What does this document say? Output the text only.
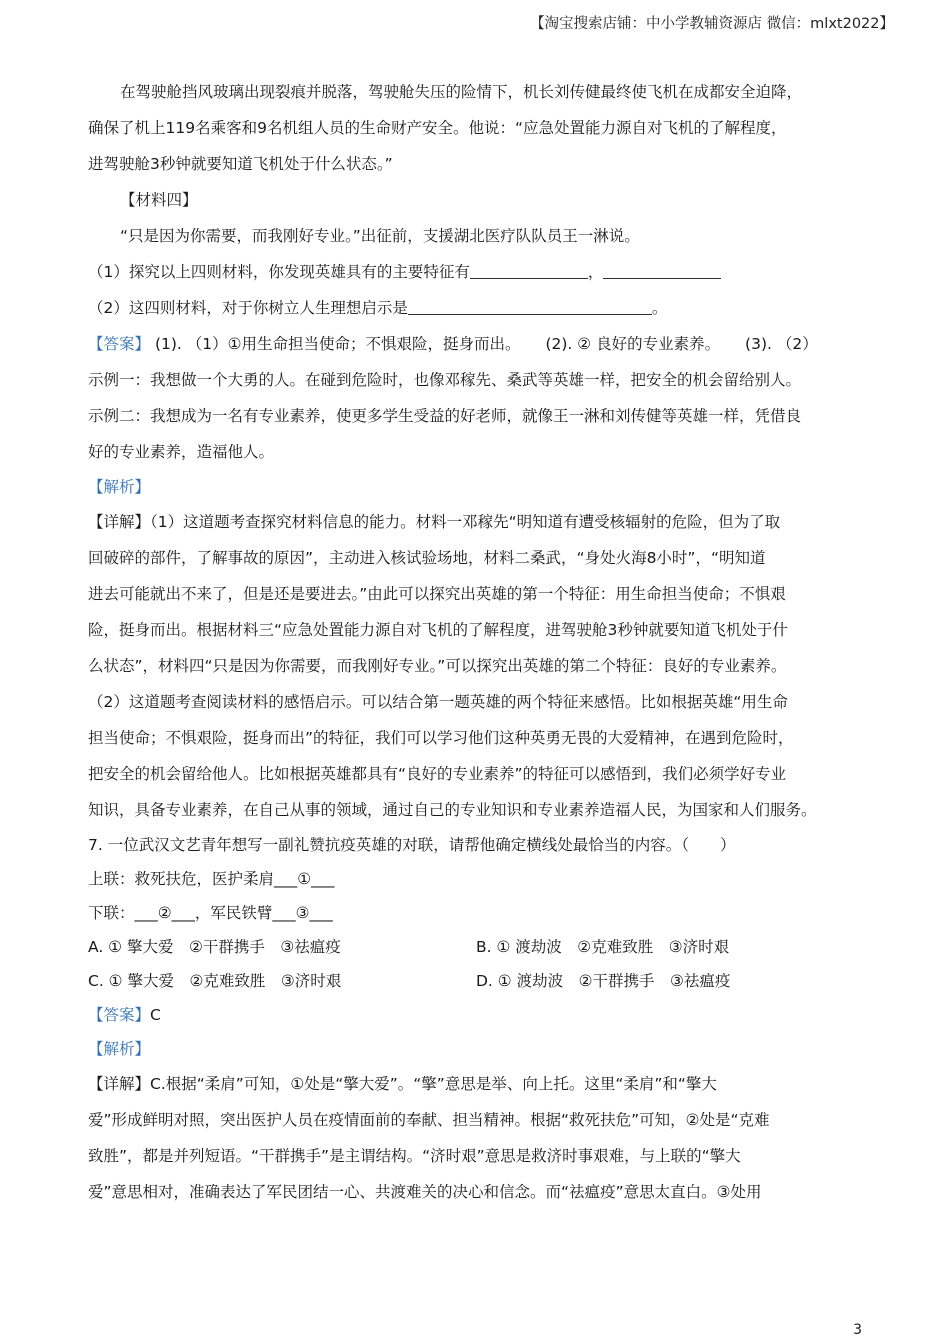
【淘宝搜索店铺：中小学教辅资源店 微信：mlxt2022】
在驾驶舱挡风玻璃出现裂痕并脱落，驾驶舱失压的险情下，机长刘传健最终使飞机在成都安全迫降，
确保了机上119名乘客和9名机组人员的生命财产安全。他说：“应急处置能力源自对飞机的了解程度，
进驾驶舱3秒钟就要知道飞机处于什么状态。”
【材料四】
“只是因为你需要，而我刚好专业。”出征前，支援湖北医疗队队员王一淋说。
（1）探究以上四则材料，你发现英雄具有的主要特征有	，
（2）这四则材料，对于你树立人生理想启示是	。
【答案】 (1). （1）①用生命担当使命；不惧艰险，挺身而出。 (2). ② 良好的专业素养。 (3). （2）
示例一：我想做一个大勇的人。在碰到危险时，也像邓稼先、桑武等英雄一样，把安全的机会留给别人。
示例二：我想成为一名有专业素养，使更多学生受益的好老师，就像王一淋和刘传健等英雄一样，凭借良
好的专业素养，造福他人。
【解析】
【详解】（1）这道题考查探究材料信息的能力。材料一邓稼先“明知道有遭受核辐射的危险，但为了取
回破碎的部件，了解事故的原因”，主动进入核试验场地，材料二桑武，“身处火海8小时”，“明知道
进去可能就出不来了，但是还是要进去。”由此可以探究出英雄的第一个特征：用生命担当使命；不惧艰
险，挺身而出。根据材料三“应急处置能力源自对飞机的了解程度，进驾驶舱3秒钟就要知道飞机处于什
么状态”，材料四“只是因为你需要，而我刚好专业。”可以探究出英雄的第二个特征：良好的专业素养。
（2）这道题考查阅读材料的感悟启示。可以结合第一题英雄的两个特征来感悟。比如根据英雄“用生命
担当使命；不惧艰险，挺身而出”的特征，我们可以学习他们这种英勇无畏的大爱精神，在遇到危险时，
把安全的机会留给他人。比如根据英雄都具有“良好的专业素养”的特征可以感悟到，我们必须学好专业
知识，具备专业素养，在自己从事的领域，通过自己的专业知识和专业素养造福人民，为国家和人们服务。
7. 一位武汉文艺青年想写一副礼赞抗疫英雄的对联，请帮他确定横线处最恰当的内容。（　　）
上联：救死扶危，医护柔肩___①___
下联：___②___，军民铁臂___③___
A. ① 擎大爱　②干群携手　③祛瘟疫	B. ① 渡劫波　②克难致胜　③济时艰
C. ① 擎大爱　②克难致胜　③济时艰	D. ① 渡劫波　②干群携手　③祛瘟疫
【答案】C
【解析】
【详解】C.根据“柔肩”可知，①处是“擎大爱”。“擎”意思是举、向上托。这里“柔肩”和“擎大
爱”形成鲜明对照，突出医护人员在疫情面前的奉献、担当精神。根据“救死扶危”可知，②处是“克难
致胜”，都是并列短语。“干群携手”是主谓结构。“济时艰”意思是救济时事艰难，与上联的“擎大
爱”意思相对，准确表达了军民团结一心、共渡难关的决心和信念。而“祛瘟疫”意思太直白。③处用
3
